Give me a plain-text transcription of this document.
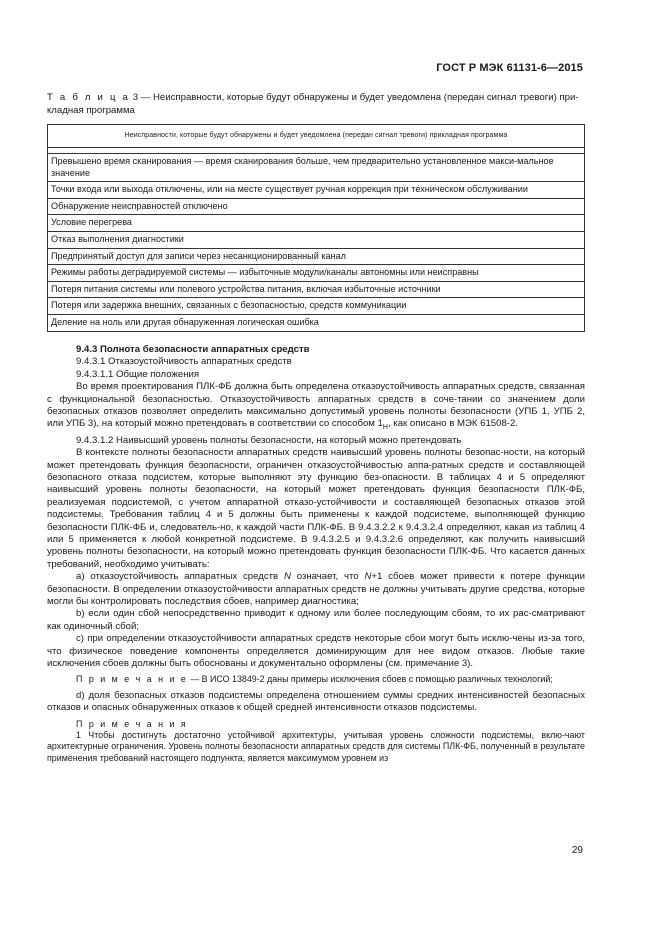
ГОСТ Р МЭК 61131-6—2015
Т а б л и ц а 3 — Неисправности, которые будут обнаружены и будет уведомлена (передан сигнал тревоги) при-кладная программа
Неисправности, которые будут обнаружены и будет уведомлена (передан сигнал тревоги) прикладная программа

Превышено время сканирования — время сканирования больше, чем предварительно установленное макси-мальное значение
Точки входа или выхода отключены, или на месте существует ручная коррекция при техническом обслуживании
Обнаружение неисправностей отключено
Условие перегрева
Отказ выполнения диагностики
Предпринятый доступ для записи через несанкционированный канал
Режимы работы деградируемой системы — избыточные модули/каналы автономны или неисправны
Потеря питания системы или полевого устройства питания, включая избыточные источники
Потеря или задержка внешних, связанных с безопасностью, средств коммуникации
Деление на ноль или другая обнаруженная логическая ошибка

9.4.3 Полнота безопасности аппаратных средств

9.4.3.1 Отказоустойчивость аппаратных средств

9.4.3.1.1 Общие положения

Во время проектирования ПЛК-ФБ должна быть определена отказоустойчивость аппаратных средств, связанная с функциональной безопасностью. Отказоустойчивость аппаратных средств в соче-тании со значением доли безопасных отказов позволяет определить максимально допустимый уровень полноты безопасности (УПБ 1, УПБ 2, или УПБ 3), на который можно претендовать в соответствии со способом $1_H$, как описано в МЭК 61508-2.

9.4.3.1.2 Наивысший уровень полноты безопасности, на который можно претендовать

В контексте полноты безопасности аппаратных средств наивысший уровень полноты безопас-ности, на который может претендовать функция безопасности, ограничен отказоустойчивостью аппа-ратных средств и составляющей безопасного отказа подсистем, которые выполняют эту функцию без-опасности. В таблицах 4 и 5 определяют наивысший уровень полноты безопасности, на который может претендовать функция безопасности ПЛК-ФБ, реализуемая подсистемой, с учетом аппаратной отказо-устойчивости и составляющей безопасных отказов этой подсистемы. Требования таблиц 4 и 5 должны быть применены к каждой подсистеме, выполняющей функцию безопасности ПЛК-ФБ и, следователь-но, к каждой части ПЛК-ФБ. В 9.4.3.2.2 к 9.4.3.2.4 определяют, какая из таблиц 4 или 5 применяется к любой конкретной подсистеме. В 9.4.3.2.5 и 9.4.3.2.6 определяют, как получить наивысший уровень полноты безопасности, на который можно претендовать функция безопасности ПЛК-ФБ. Что касается данных требований, необходимо учитывать:

a) отказоустойчивость аппаратных средств N означает, что N+1 сбоев может привести к потере функции безопасности. В определении отказоустойчивости аппаратных средств не должны учитывать другие средства, которые могли бы контролировать последствия сбоев, например диагностика;

b) если один сбой непосредственно приводит к одному или более последующим сбоям, то их рас-сматривают как одиночный сбой;

c) при определении отказоустойчивости аппаратных средств некоторые сбои могут быть исклю-чены из-за того, что физическое поведение компоненты определяется доминирующим для нее видом отказов. Любые такие исключения сбоев должны быть обоснованы и документально оформлены (см. примечание 3).

П р и м е ч а н и е — В ИСО 13849-2 даны примеры исключения сбоев с помощью различных технологий;

d) доля безопасных отказов подсистемы определена отношением суммы средних интенсивностей безопасных отказов и опасных обнаруженных отказов к общей средней интенсивности отказов подсистемы.

П р и м е ч а н и я

1 Чтобы достигнуть достаточно устойчивой архитектуры, учитывая уровень сложности подсистемы, вклю-чают архитектурные ограничения. Уровень полноты безопасности аппаратных средств для системы ПЛК-ФБ, полученный в результате применения требований настоящего подпункта, является максимумом уровнем из

29
